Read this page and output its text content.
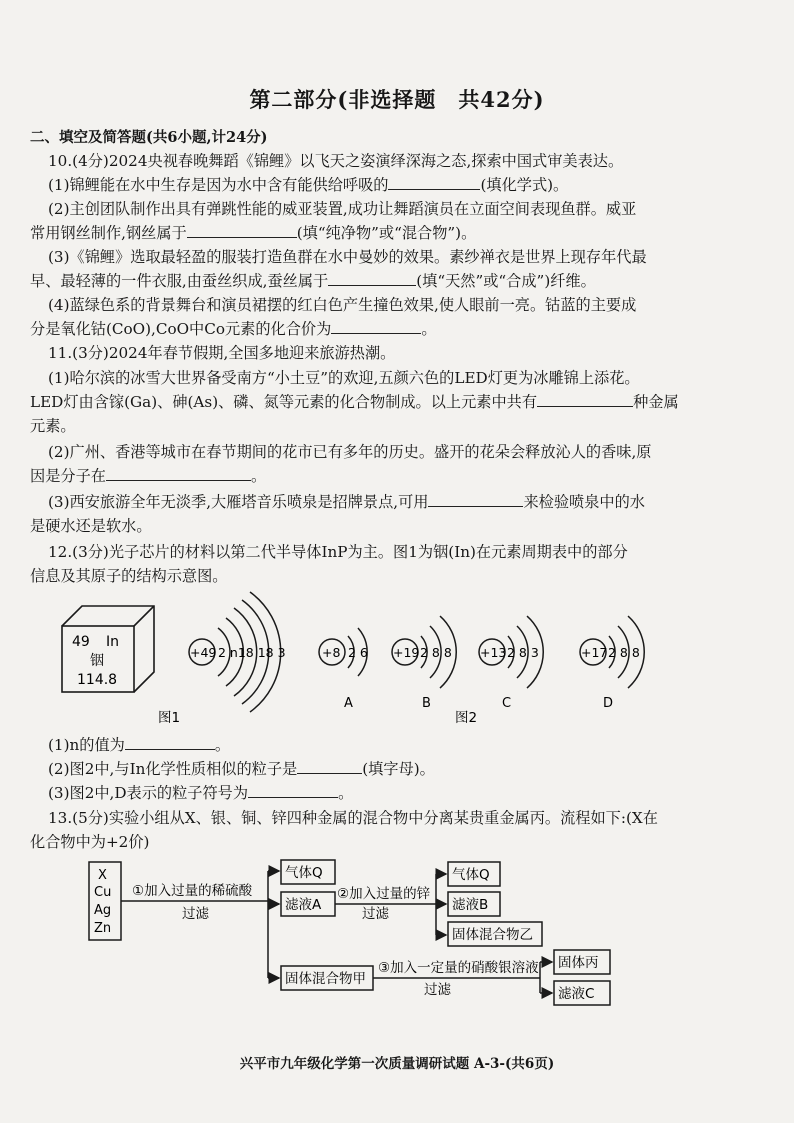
第二部分(非选择题　共42分)
二、填空及简答题(共6小题,计24分)
10.(4分)2024央视春晚舞蹈《锦鲤》以飞天之姿演绎深海之态,探索中国式审美表达。
(1)锦鲤能在水中生存是因为水中含有能供给呼吸的	(填化学式)。
(2)主创团队制作出具有弹跳性能的威亚装置,成功让舞蹈演员在立面空间表现鱼群。威亚
常用钢丝制作,钢丝属于	(填“纯净物”或“混合物”)。
(3)《锦鲤》选取最轻盈的服装打造鱼群在水中曼妙的效果。素纱禅衣是世界上现存年代最
早、最轻薄的一件衣服,由蚕丝织成,蚕丝属于	(填“天然”或“合成”)纤维。
(4)蓝绿色系的背景舞台和演员裙摆的红白色产生撞色效果,使人眼前一亮。钴蓝的主要成
分是氧化钴(CoO),CoO中Co元素的化合价为	。
11.(3分)2024年春节假期,全国多地迎来旅游热潮。
(1)哈尔滨的冰雪大世界备受南方“小土豆”的欢迎,五颜六色的LED灯更为冰雕锦上添花。
LED灯由含镓(Ga)、砷(As)、磷、氮等元素的化合物制成。以上元素中共有	种金属
元素。
(2)广州、香港等城市在春节期间的花市已有多年的历史。盛开的花朵会释放沁人的香味,原
因是分子在	。
(3)西安旅游全年无淡季,大雁塔音乐喷泉是招牌景点,可用	来检验喷泉中的水
是硬水还是软水。
12.(3分)光子芯片的材料以第二代半导体InP为主。图1为铟(In)在元素周期表中的部分
信息及其原子的结构示意图。
49 In
铟
114.8
+49 2 n18 18 3	+8 2 6
A
+19 2 8 8
B
+13 2 8 3
C
+17 2 8 8
D
图1	图2
(1)n的值为	。
(2)图2中,与In化学性质相似的粒子是	(填字母)。
(3)图2中,D表示的粒子符号为	。
13.(5分)实验小组从X、银、铜、锌四种金属的混合物中分离某贵重金属丙。流程如下:(X在
化合物中为+2价)
X
Cu
Ag
Zn
①加入过量的稀硫酸
过滤
气体Q
滤液A
固体混合物甲
②加入过量的锌
过滤
气体Q
滤液B
固体混合物乙
③加入一定量的硝酸银溶液
过滤
固体丙
滤液C
兴平市九年级化学第一次质量调研试题 A-3-(共6页)
